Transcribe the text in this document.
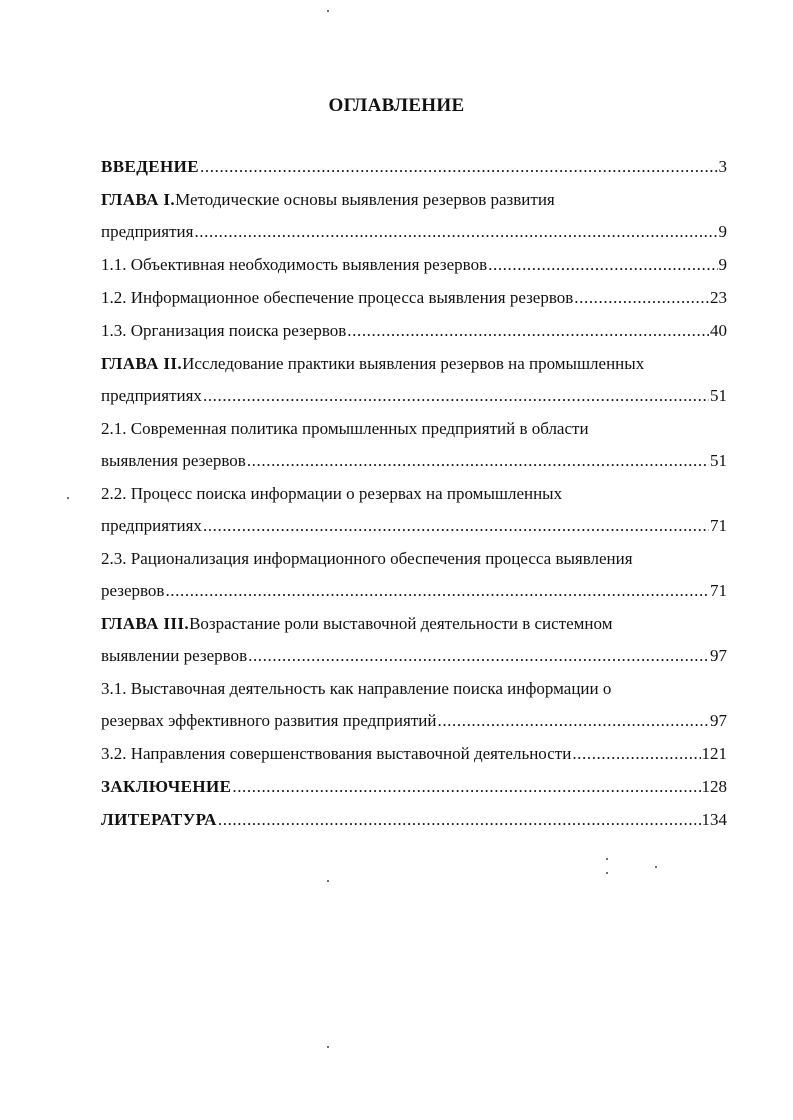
ОГЛАВЛЕНИЕ
ВВЕДЕНИЕ .....	3
ГЛАВА I. Методические основы выявления резервов развития
предприятия .....	9
1.1. Объективная необходимость выявления резервов .....	9
1.2. Информационное обеспечение процесса выявления резервов .....	23
1.3. Организация поиска резервов .....	40
ГЛАВА II. Исследование практики выявления резервов на промышленных
предприятиях .....	51
2.1. Современная политика промышленных предприятий в области
выявления резервов .....	51
2.2. Процесс поиска информации о резервах на промышленных
предприятиях .....	71
2.3. Рационализация информационного обеспечения процесса выявления
резервов .....	71
ГЛАВА III. Возрастание роли выставочной деятельности в системном
выявлении резервов .....	97
3.1. Выставочная деятельность как направление поиска информации о
резервах эффективного развития предприятий .....	97
3.2. Направления совершенствования выставочной деятельности .....	121
ЗАКЛЮЧЕНИЕ .....	128
ЛИТЕРАТУРА .....	134
